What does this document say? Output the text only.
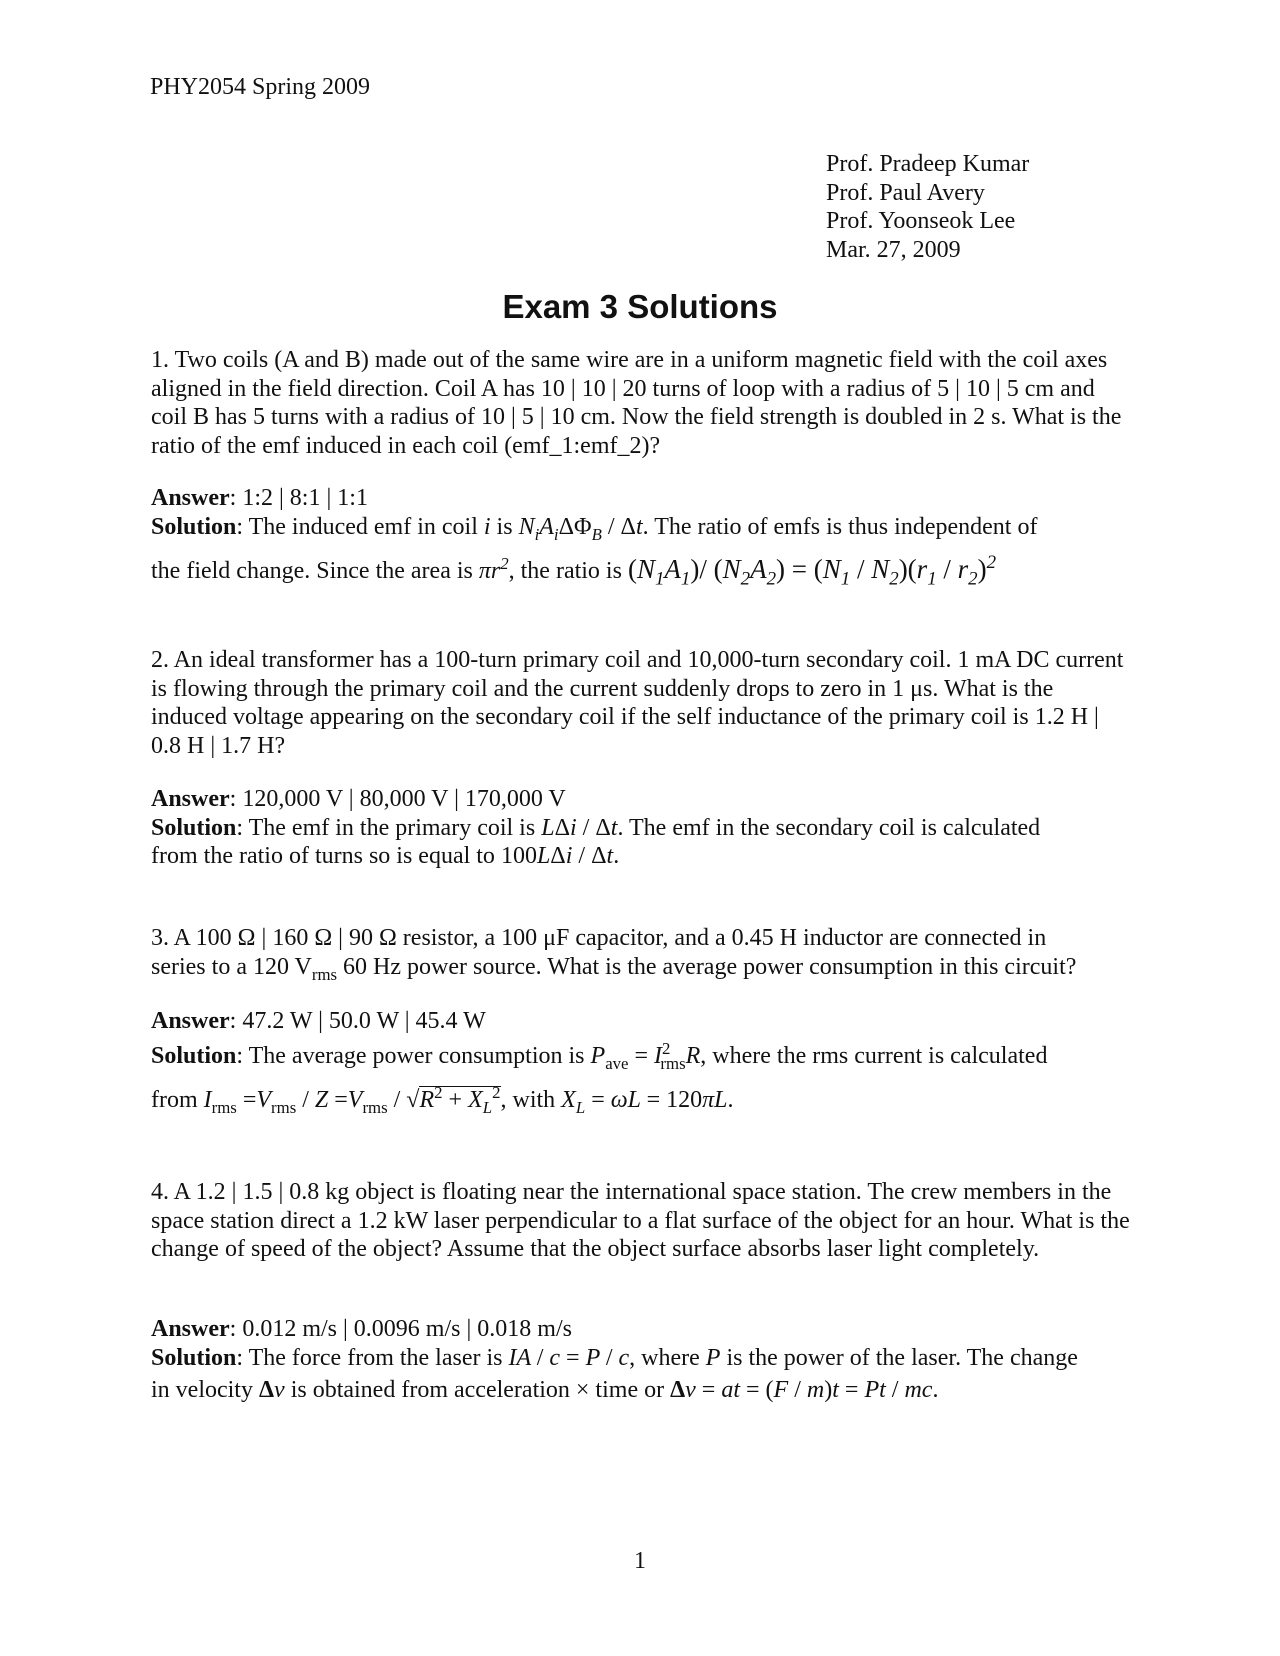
PHY2054 Spring 2009
Prof. Pradeep Kumar
Prof. Paul Avery
Prof. Yoonseok Lee
Mar. 27, 2009
Exam 3 Solutions

1. Two coils (A and B) made out of the same wire are in a uniform magnetic field with the coil axes aligned in the field direction. Coil A has 10 | 10 | 20 turns of loop with a radius of 5 | 10 | 5 cm and coil B has 5 turns with a radius of 10 | 5 | 10 cm. Now the field strength is doubled in 2 s. What is the ratio of the emf induced in each coil (emf_1:emf_2)?

Answer: 1:2 | 8:1 | 1:1
Solution: The induced emf in coil i is $N_iA_i\Delta\Phi_B$ / Δt. The ratio of emfs is thus independent of
the field change. Since the area is $\pi r^2$, the ratio is $(N_1A_1)/$ $(N_2A_2) = (N_1 / N_2)(r_1 / r_2)^2$

2. An ideal transformer has a 100-turn primary coil and 10,000-turn secondary coil. 1 mA DC current is flowing through the primary coil and the current suddenly drops to zero in 1 μs. What is the induced voltage appearing on the secondary coil if the self inductance of the primary coil is 1.2 H | 0.8 H | 1.7 H?

Answer: 120,000 V | 80,000 V | 170,000 V
Solution: The emf in the primary coil is LΔi / Δt. The emf in the secondary coil is calculated
from the ratio of turns so is equal to 100LΔi / Δt.
3. A 100 Ω | 160 Ω | 90 Ω resistor, a 100 μF capacitor, and a 0.45 H inductor are connected in
series to a 120 $V_{rms}$ 60 Hz power source. What is the average power consumption in this circuit?
Answer: 47.2 W | 50.0 W | 45.4 W
Solution: The average power consumption is $P_{ave} = I^2_{rms}R$, where the rms current is calculated
from $I_{rms} =V_{rms} / Z =V_{rms} / √R^2 + X_L^2$, with $X_L = \omega L = 120\pi L$.

4. A 1.2 | 1.5 | 0.8 kg object is floating near the international space station. The crew members in the space station direct a 1.2 kW laser perpendicular to a flat surface of the object for an hour. What is the change of speed of the object? Assume that the object surface absorbs laser light completely.

Answer: 0.012 m/s | 0.0096 m/s | 0.018 m/s
Solution: The force from the laser is IA / c = P / c, where P is the power of the laser. The change
in velocity Δv is obtained from acceleration × time or Δv = at = (F / m)t = Pt / mc.
1
